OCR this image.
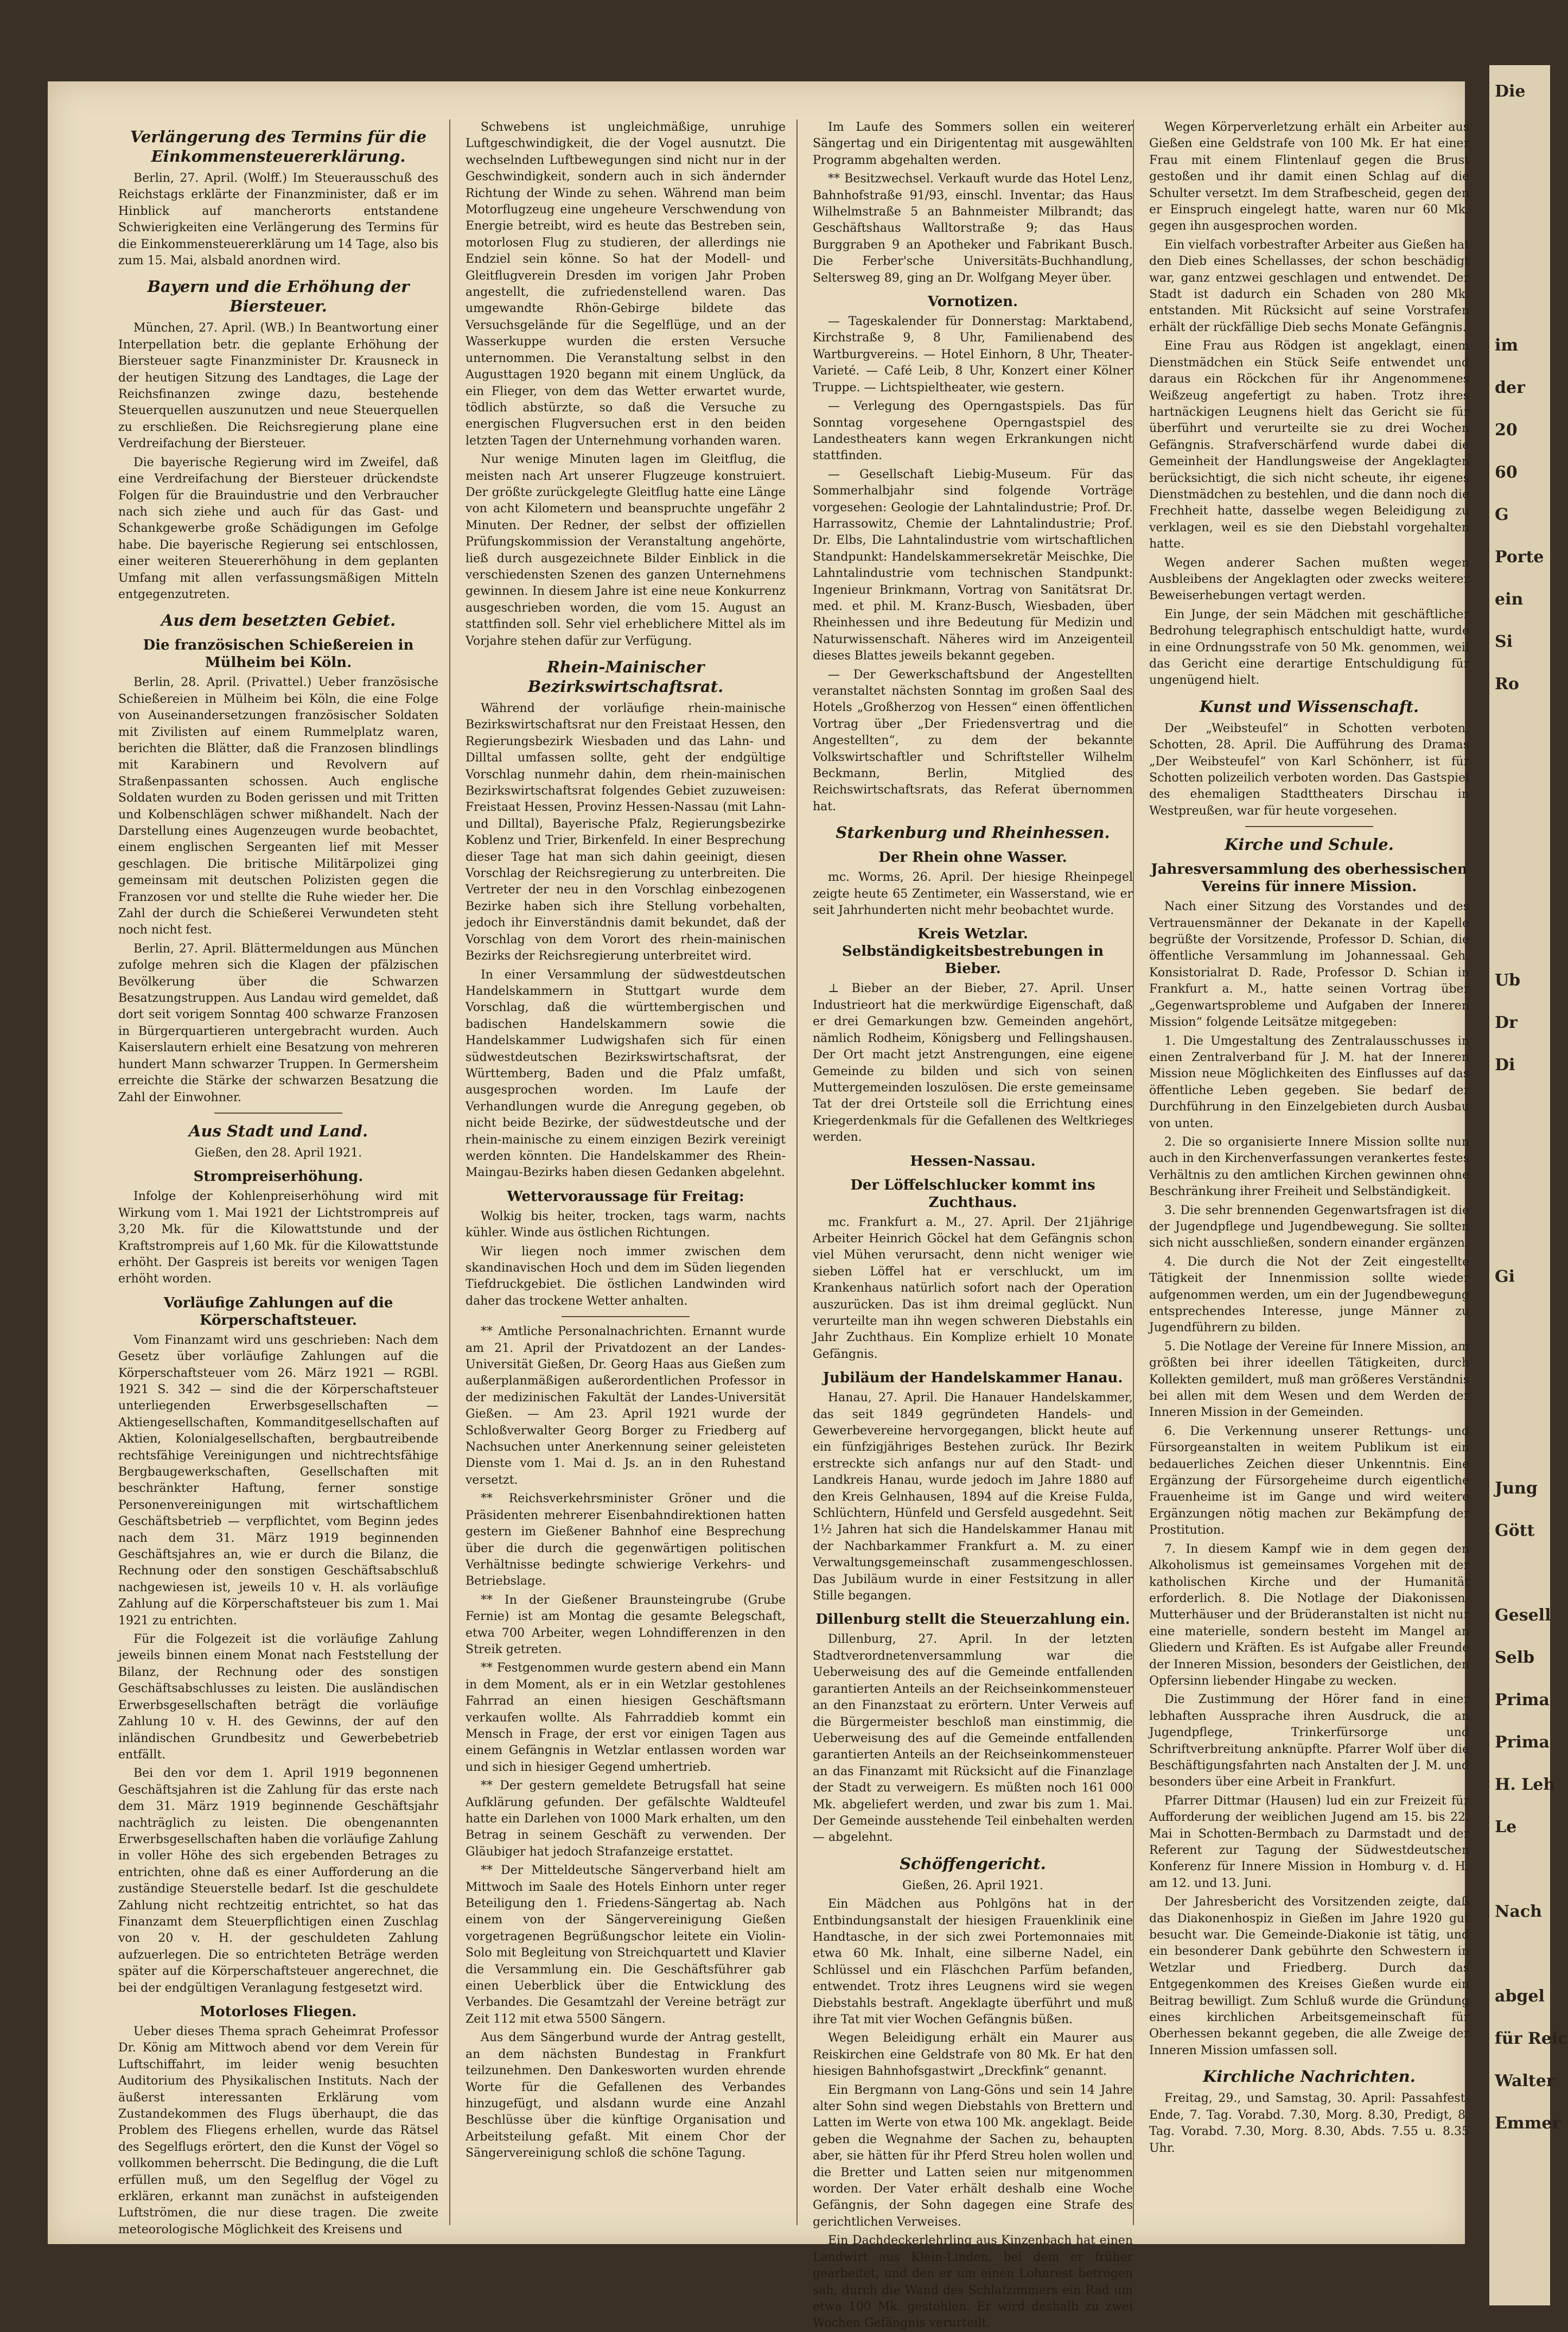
Verlängerung des Termins für die Einkommensteuererklärung.

Berlin, 27. April. (Wolff.) Im Steuerausschuß des Reichstags erklärte der Finanzminister, daß er im Hinblick auf mancherorts entstandene Schwierigkeiten eine Verlängerung des Termins für die Einkommensteuererklärung um 14 Tage, also bis zum 15. Mai, alsbald anordnen wird.

Bayern und die Erhöhung der Biersteuer.

München, 27. April. (WB.) In Beantwortung einer Interpellation betr. die geplante Erhöhung der Biersteuer sagte Finanzminister Dr. Krausneck in der heutigen Sitzung des Landtages, die Lage der Reichsfinanzen zwinge dazu, bestehende Steuerquellen auszunutzen und neue Steuerquellen zu erschließen. Die Reichsregierung plane eine Verdreifachung der Biersteuer.

Die bayerische Regierung wird im Zweifel, daß eine Verdreifachung der Biersteuer drückendste Folgen für die Brauindustrie und den Verbraucher nach sich ziehe und auch für das Gast- und Schankgewerbe große Schädigungen im Gefolge habe. Die bayerische Regierung sei entschlossen, einer weiteren Steuererhöhung in dem geplanten Umfang mit allen verfassungsmäßigen Mitteln entgegenzutreten.

Aus dem besetzten Gebiet.
Die französischen Schießereien in Mülheim bei Köln.

Berlin, 28. April. (Privattel.) Ueber französische Schießereien in Mülheim bei Köln, die eine Folge von Auseinandersetzungen französischer Soldaten mit Zivilisten auf einem Rummelplatz waren, berichten die Blätter, daß die Franzosen blindlings mit Karabinern und Revolvern auf Straßenpassanten schossen. Auch englische Soldaten wurden zu Boden gerissen und mit Tritten und Kolbenschlägen schwer mißhandelt. Nach der Darstellung eines Augenzeugen wurde beobachtet, einem englischen Sergeanten lief mit Messer geschlagen. Die britische Militärpolizei ging gemeinsam mit deutschen Polizisten gegen die Franzosen vor und stellte die Ruhe wieder her. Die Zahl der durch die Schießerei Verwundeten steht noch nicht fest.

Berlin, 27. April. Blättermeldungen aus München zufolge mehren sich die Klagen der pfälzischen Bevölkerung über die Schwarzen Besatzungstruppen. Aus Landau wird gemeldet, daß dort seit vorigem Sonntag 400 schwarze Franzosen in Bürgerquartieren untergebracht wurden. Auch Kaiserslautern erhielt eine Besatzung von mehreren hundert Mann schwarzer Truppen. In Germersheim erreichte die Stärke der schwarzen Besatzung die Zahl der Einwohner.

Aus Stadt und Land.

Gießen, den 28. April 1921.

Strompreiserhöhung.

Infolge der Kohlenpreiserhöhung wird mit Wirkung vom 1. Mai 1921 der Lichtstrompreis auf 3,20 Mk. für die Kilowattstunde und der Kraftstrompreis auf 1,60 Mk. für die Kilowattstunde erhöht. Der Gaspreis ist bereits vor wenigen Tagen erhöht worden.

Vorläufige Zahlungen auf die Körperschaftsteuer.

Vom Finanzamt wird uns geschrieben: Nach dem Gesetz über vorläufige Zahlungen auf die Körperschaftsteuer vom 26. März 1921 — RGBl. 1921 S. 342 — sind die der Körperschaftsteuer unterliegenden Erwerbsgesellschaften — Aktiengesellschaften, Kommanditgesellschaften auf Aktien, Kolonialgesellschaften, bergbautreibende rechtsfähige Vereinigungen und nichtrechtsfähige Bergbaugewerkschaften, Gesellschaften mit beschränkter Haftung, ferner sonstige Personenvereinigungen mit wirtschaftlichem Geschäftsbetrieb — verpflichtet, vom Beginn jedes nach dem 31. März 1919 beginnenden Geschäftsjahres an, wie er durch die Bilanz, die Rechnung oder den sonstigen Geschäftsabschluß nachgewiesen ist, jeweils 10 v. H. als vorläufige Zahlung auf die Körperschaftsteuer bis zum 1. Mai 1921 zu entrichten.

Für die Folgezeit ist die vorläufige Zahlung jeweils binnen einem Monat nach Feststellung der Bilanz, der Rechnung oder des sonstigen Geschäftsabschlusses zu leisten. Die ausländischen Erwerbsgesellschaften beträgt die vorläufige Zahlung 10 v. H. des Gewinns, der auf den inländischen Grundbesitz und Gewerbebetrieb entfällt.

Bei den vor dem 1. April 1919 begonnenen Geschäftsjahren ist die Zahlung für das erste nach dem 31. März 1919 beginnende Geschäftsjahr nachträglich zu leisten. Die obengenannten Erwerbsgesellschaften haben die vorläufige Zahlung in voller Höhe des sich ergebenden Betrages zu entrichten, ohne daß es einer Aufforderung an die zuständige Steuerstelle bedarf. Ist die geschuldete Zahlung nicht rechtzeitig entrichtet, so hat das Finanzamt dem Steuerpflichtigen einen Zuschlag von 20 v. H. der geschuldeten Zahlung aufzuerlegen. Die so entrichteten Beträge werden später auf die Körperschaftsteuer angerechnet, die bei der endgültigen Veranlagung festgesetzt wird.

Motorloses Fliegen.

Ueber dieses Thema sprach Geheimrat Professor Dr. König am Mittwoch abend vor dem Verein für Luftschiffahrt, im leider wenig besuchten Auditorium des Physikalischen Instituts. Nach der äußerst interessanten Erklärung vom Zustandekommen des Flugs überhaupt, die das Problem des Fliegens erhellen, wurde das Rätsel des Segelflugs erörtert, den die Kunst der Vögel so vollkommen beherrscht. Die Bedingung, die die Luft erfüllen muß, um den Segelflug der Vögel zu erklären, erkannt man zunächst in aufsteigenden Luftströmen, die nur diese tragen. Die zweite meteorologische Möglichkeit des Kreisens und

Schwebens ist ungleichmäßige, unruhige Luftgeschwindigkeit, die der Vogel ausnutzt. Die wechselnden Luftbewegungen sind nicht nur in der Geschwindigkeit, sondern auch in sich ändernder Richtung der Winde zu sehen. Während man beim Motorflugzeug eine ungeheure Verschwendung von Energie betreibt, wird es heute das Bestreben sein, motorlosen Flug zu studieren, der allerdings nie Endziel sein könne. So hat der Modell- und Gleitflugverein Dresden im vorigen Jahr Proben angestellt, die zufriedenstellend waren. Das umgewandte Rhön-Gebirge bildete das Versuchsgelände für die Segelflüge, und an der Wasserkuppe wurden die ersten Versuche unternommen. Die Veranstaltung selbst in den Augusttagen 1920 begann mit einem Unglück, da ein Flieger, von dem das Wetter erwartet wurde, tödlich abstürzte, so daß die Versuche zu energischen Flugversuchen erst in den beiden letzten Tagen der Unternehmung vorhanden waren.

Nur wenige Minuten lagen im Gleitflug, die meisten nach Art unserer Flugzeuge konstruiert. Der größte zurückgelegte Gleitflug hatte eine Länge von acht Kilometern und beanspruchte ungefähr 2 Minuten. Der Redner, der selbst der offiziellen Prüfungskommission der Veranstaltung angehörte, ließ durch ausgezeichnete Bilder Einblick in die verschiedensten Szenen des ganzen Unternehmens gewinnen. In diesem Jahre ist eine neue Konkurrenz ausgeschrieben worden, die vom 15. August an stattfinden soll. Sehr viel erheblichere Mittel als im Vorjahre stehen dafür zur Verfügung.

Rhein-Mainischer Bezirkswirtschaftsrat.

Während der vorläufige rhein-mainische Bezirkswirtschaftsrat nur den Freistaat Hessen, den Regierungsbezirk Wiesbaden und das Lahn- und Dilltal umfassen sollte, geht der endgültige Vorschlag nunmehr dahin, dem rhein-mainischen Bezirkswirtschaftsrat folgendes Gebiet zuzuweisen: Freistaat Hessen, Provinz Hessen-Nassau (mit Lahn- und Dilltal), Bayerische Pfalz, Regierungsbezirke Koblenz und Trier, Birkenfeld. In einer Besprechung dieser Tage hat man sich dahin geeinigt, diesen Vorschlag der Reichsregierung zu unterbreiten. Die Vertreter der neu in den Vorschlag einbezogenen Bezirke haben sich ihre Stellung vorbehalten, jedoch ihr Einverständnis damit bekundet, daß der Vorschlag von dem Vorort des rhein-mainischen Bezirks der Reichsregierung unterbreitet wird.

In einer Versammlung der südwestdeutschen Handelskammern in Stuttgart wurde dem Vorschlag, daß die württembergischen und badischen Handelskammern sowie die Handelskammer Ludwigshafen sich für einen südwestdeutschen Bezirkswirtschaftsrat, der Württemberg, Baden und die Pfalz umfaßt, ausgesprochen worden. Im Laufe der Verhandlungen wurde die Anregung gegeben, ob nicht beide Bezirke, der südwestdeutsche und der rhein-mainische zu einem einzigen Bezirk vereinigt werden könnten. Die Handelskammer des Rhein-Maingau-Bezirks haben diesen Gedanken abgelehnt.

Wettervoraussage für Freitag:

Wolkig bis heiter, trocken, tags warm, nachts kühler. Winde aus östlichen Richtungen.

Wir liegen noch immer zwischen dem skandinavischen Hoch und dem im Süden liegenden Tiefdruckgebiet. Die östlichen Landwinden wird daher das trockene Wetter anhalten.

** Amtliche Personalnachrichten. Ernannt wurde am 21. April der Privatdozent an der Landes-Universität Gießen, Dr. Georg Haas aus Gießen zum außerplanmäßigen außerordentlichen Professor in der medizinischen Fakultät der Landes-Universität Gießen. — Am 23. April 1921 wurde der Schloßverwalter Georg Borger zu Friedberg auf Nachsuchen unter Anerkennung seiner geleisteten Dienste vom 1. Mai d. Js. an in den Ruhestand versetzt.

** Reichsverkehrsminister Gröner und die Präsidenten mehrerer Eisenbahndirektionen hatten gestern im Gießener Bahnhof eine Besprechung über die durch die gegenwärtigen politischen Verhältnisse bedingte schwierige Verkehrs- und Betriebslage.

** In der Gießener Braunsteingrube (Grube Fernie) ist am Montag die gesamte Belegschaft, etwa 700 Arbeiter, wegen Lohndifferenzen in den Streik getreten.

** Festgenommen wurde gestern abend ein Mann in dem Moment, als er in ein Wetzlar gestohlenes Fahrrad an einen hiesigen Geschäftsmann verkaufen wollte. Als Fahrraddieb kommt ein Mensch in Frage, der erst vor einigen Tagen aus einem Gefängnis in Wetzlar entlassen worden war und sich in hiesiger Gegend umhertrieb.

** Der gestern gemeldete Betrugsfall hat seine Aufklärung gefunden. Der gefälschte Waldteufel hatte ein Darlehen von 1000 Mark erhalten, um den Betrag in seinem Geschäft zu verwenden. Der Gläubiger hat jedoch Strafanzeige erstattet.

** Der Mitteldeutsche Sängerverband hielt am Mittwoch im Saale des Hotels Einhorn unter reger Beteiligung den 1. Friedens-Sängertag ab. Nach einem von der Sängervereinigung Gießen vorgetragenen Begrüßungschor leitete ein Violin-Solo mit Begleitung von Streichquartett und Klavier die Versammlung ein. Die Geschäftsführer gab einen Ueberblick über die Entwicklung des Verbandes. Die Gesamtzahl der Vereine beträgt zur Zeit 112 mit etwa 5500 Sängern.

Aus dem Sängerbund wurde der Antrag gestellt, an dem nächsten Bundestag in Frankfurt teilzunehmen. Den Dankesworten wurden ehrende Worte für die Gefallenen des Verbandes hinzugefügt, und alsdann wurde eine Anzahl Beschlüsse über die künftige Organisation und Arbeitsteilung gefaßt. Mit einem Chor der Sängervereinigung schloß die schöne Tagung.

Im Laufe des Sommers sollen ein weiterer Sängertag und ein Dirigententag mit ausgewählten Programm abgehalten werden.

** Besitzwechsel. Verkauft wurde das Hotel Lenz, Bahnhofstraße 91/93, einschl. Inventar; das Haus Wilhelmstraße 5 an Bahnmeister Milbrandt; das Geschäftshaus Walltorstraße 9; das Haus Burggraben 9 an Apotheker und Fabrikant Busch. Die Ferber'sche Universitäts-Buchhandlung, Seltersweg 89, ging an Dr. Wolfgang Meyer über.

Vornotizen.

— Tageskalender für Donnerstag: Marktabend, Kirchstraße 9, 8 Uhr, Familienabend des Wartburgvereins. — Hotel Einhorn, 8 Uhr, Theater-Varieté. — Café Leib, 8 Uhr, Konzert einer Kölner Truppe. — Lichtspieltheater, wie gestern.

— Verlegung des Operngastspiels. Das für Sonntag vorgesehene Operngastspiel des Landestheaters kann wegen Erkrankungen nicht stattfinden.

— Gesellschaft Liebig-Museum. Für das Sommerhalbjahr sind folgende Vorträge vorgesehen: Geologie der Lahntalindustrie; Prof. Dr. Harrassowitz, Chemie der Lahntalindustrie; Prof. Dr. Elbs, Die Lahntalindustrie vom wirtschaftlichen Standpunkt: Handelskammersekretär Meischke, Die Lahntalindustrie vom technischen Standpunkt: Ingenieur Brinkmann, Vortrag von Sanitätsrat Dr. med. et phil. M. Kranz-Busch, Wiesbaden, über Rheinhessen und ihre Bedeutung für Medizin und Naturwissenschaft. Näheres wird im Anzeigenteil dieses Blattes jeweils bekannt gegeben.

— Der Gewerkschaftsbund der Angestellten veranstaltet nächsten Sonntag im großen Saal des Hotels „Großherzog von Hessen“ einen öffentlichen Vortrag über „Der Friedensvertrag und die Angestellten“, zu dem der bekannte Volkswirtschaftler und Schriftsteller Wilhelm Beckmann, Berlin, Mitglied des Reichswirtschaftsrats, das Referat übernommen hat.

Starkenburg und Rheinhessen.
Der Rhein ohne Wasser.

mc. Worms, 26. April. Der hiesige Rheinpegel zeigte heute 65 Zentimeter, ein Wasserstand, wie er seit Jahrhunderten nicht mehr beobachtet wurde.

Kreis Wetzlar. Selbständigkeitsbestrebungen in Bieber.

⊥ Bieber an der Bieber, 27. April. Unser Industrieort hat die merkwürdige Eigenschaft, daß er drei Gemarkungen bzw. Gemeinden angehört, nämlich Rodheim, Königsberg und Fellingshausen. Der Ort macht jetzt Anstrengungen, eine eigene Gemeinde zu bilden und sich von seinen Muttergemeinden loszulösen. Die erste gemeinsame Tat der drei Ortsteile soll die Errichtung eines Kriegerdenkmals für die Gefallenen des Weltkrieges werden.

Hessen-Nassau.
Der Löffelschlucker kommt ins Zuchthaus.

mc. Frankfurt a. M., 27. April. Der 21jährige Arbeiter Heinrich Göckel hat dem Gefängnis schon viel Mühen verursacht, denn nicht weniger wie sieben Löffel hat er verschluckt, um im Krankenhaus natürlich sofort nach der Operation auszurücken. Das ist ihm dreimal geglückt. Nun verurteilte man ihn wegen schweren Diebstahls ein Jahr Zuchthaus. Ein Komplize erhielt 10 Monate Gefängnis.

Jubiläum der Handelskammer Hanau.

Hanau, 27. April. Die Hanauer Handelskammer, das seit 1849 gegründeten Handels- und Gewerbevereine hervorgegangen, blickt heute auf ein fünfzigjähriges Bestehen zurück. Ihr Bezirk erstreckte sich anfangs nur auf den Stadt- und Landkreis Hanau, wurde jedoch im Jahre 1880 auf den Kreis Gelnhausen, 1894 auf die Kreise Fulda, Schlüchtern, Hünfeld und Gersfeld ausgedehnt. Seit 1½ Jahren hat sich die Handelskammer Hanau mit der Nachbarkammer Frankfurt a. M. zu einer Verwaltungsgemeinschaft zusammengeschlossen. Das Jubiläum wurde in einer Festsitzung in aller Stille begangen.

Dillenburg stellt die Steuerzahlung ein.

Dillenburg, 27. April. In der letzten Stadtverordnetenversammlung war die Ueberweisung des auf die Gemeinde entfallenden garantierten Anteils an der Reichseinkommensteuer an den Finanzstaat zu erörtern. Unter Verweis auf die Bürgermeister beschloß man einstimmig, die Ueberweisung des auf die Gemeinde entfallenden garantierten Anteils an der Reichseinkommensteuer an das Finanzamt mit Rücksicht auf die Finanzlage der Stadt zu verweigern. Es müßten noch 161 000 Mk. abgeliefert werden, und zwar bis zum 1. Mai. Der Gemeinde ausstehende Teil einbehalten werden — abgelehnt.

Schöffengericht.

Gießen, 26. April 1921.

Ein Mädchen aus Pohlgöns hat in der Entbindungsanstalt der hiesigen Frauenklinik eine Handtasche, in der sich zwei Portemonnaies mit etwa 60 Mk. Inhalt, eine silberne Nadel, ein Schlüssel und ein Fläschchen Parfüm befanden, entwendet. Trotz ihres Leugnens wird sie wegen Diebstahls bestraft. Angeklagte überführt und muß ihre Tat mit vier Wochen Gefängnis büßen.

Wegen Beleidigung erhält ein Maurer aus Reiskirchen eine Geldstrafe von 80 Mk. Er hat den hiesigen Bahnhofsgastwirt „Dreckfink“ genannt.

Ein Bergmann von Lang-Göns und sein 14 Jahre alter Sohn sind wegen Diebstahls von Brettern und Latten im Werte von etwa 100 Mk. angeklagt. Beide geben die Wegnahme der Sachen zu, behaupten aber, sie hätten für ihr Pferd Streu holen wollen und die Bretter und Latten seien nur mitgenommen worden. Der Vater erhält deshalb eine Woche Gefängnis, der Sohn dagegen eine Strafe des gerichtlichen Verweises.

Ein Dachdeckerlehrling aus Kinzenbach hat einen Landwirt aus Klein-Linden, bei dem er früher gearbeitet, und den er um einen Lohnrest betrogen sah, durch die Wand des Schlafzimmers ein Rad um etwa 100 Mk. gestohlen. Er wird deshalb zu zwei Wochen Gefängnis verurteilt.

Wegen Körperverletzung erhält ein Arbeiter aus Gießen eine Geldstrafe von 100 Mk. Er hat einer Frau mit einem Flintenlauf gegen die Brust gestoßen und ihr damit einen Schlag auf die Schulter versetzt. Im dem Strafbescheid, gegen den er Einspruch eingelegt hatte, waren nur 60 Mk. gegen ihn ausgesprochen worden.

Ein vielfach vorbestrafter Arbeiter aus Gießen hat den Dieb eines Schellasses, der schon beschädigt war, ganz entzwei geschlagen und entwendet. Der Stadt ist dadurch ein Schaden von 280 Mk. entstanden. Mit Rücksicht auf seine Vorstrafen erhält der rückfällige Dieb sechs Monate Gefängnis.

Eine Frau aus Rödgen ist angeklagt, einem Dienstmädchen ein Stück Seife entwendet und daraus ein Röckchen für ihr Angenommenes Weißzeug angefertigt zu haben. Trotz ihres hartnäckigen Leugnens hielt das Gericht sie für überführt und verurteilte sie zu drei Wochen Gefängnis. Strafverschärfend wurde dabei die Gemeinheit der Handlungsweise der Angeklagten berücksichtigt, die sich nicht scheute, ihr eigenes Dienstmädchen zu bestehlen, und die dann noch die Frechheit hatte, dasselbe wegen Beleidigung zu verklagen, weil es sie den Diebstahl vorgehalten hatte.

Wegen anderer Sachen mußten wegen Ausbleibens der Angeklagten oder zwecks weiterer Beweiserhebungen vertagt werden.

Ein Junge, der sein Mädchen mit geschäftlicher Bedrohung telegraphisch entschuldigt hatte, wurde in eine Ordnungsstrafe von 50 Mk. genommen, weil das Gericht eine derartige Entschuldigung für ungenügend hielt.

Kunst und Wissenschaft.

Der „Weibsteufel“ in Schotten verboten. Schotten, 28. April. Die Aufführung des Dramas „Der Weibsteufel“ von Karl Schönherr, ist für Schotten polizeilich verboten worden. Das Gastspiel des ehemaligen Stadttheaters Dirschau in Westpreußen, war für heute vorgesehen.

Kirche und Schule.
Jahresversammlung des oberhessischen Vereins für innere Mission.

Nach einer Sitzung des Vorstandes und des Vertrauensmänner der Dekanate in der Kapelle begrüßte der Vorsitzende, Professor D. Schian, die öffentliche Versammlung im Johannessaal. Geh. Konsistorialrat D. Rade, Professor D. Schian in Frankfurt a. M., hatte seinen Vortrag über „Gegenwartsprobleme und Aufgaben der Inneren Mission“ folgende Leitsätze mitgegeben:

1. Die Umgestaltung des Zentralausschusses in einen Zentralverband für J. M. hat der Inneren Mission neue Möglichkeiten des Einflusses auf das öffentliche Leben gegeben. Sie bedarf der Durchführung in den Einzelgebieten durch Ausbau von unten.

2. Die so organisierte Innere Mission sollte nun auch in den Kirchenverfassungen verankertes festes Verhältnis zu den amtlichen Kirchen gewinnen ohne Beschränkung ihrer Freiheit und Selbständigkeit.

3. Die sehr brennenden Gegenwartsfragen ist die der Jugendpflege und Jugendbewegung. Sie sollten sich nicht ausschließen, sondern einander ergänzen.

4. Die durch die Not der Zeit eingestellte Tätigkeit der Innenmission sollte wieder aufgenommen werden, um ein der Jugendbewegung entsprechendes Interesse, junge Männer zu Jugendführern zu bilden.

5. Die Notlage der Vereine für Innere Mission, am größten bei ihrer ideellen Tätigkeiten, durch Kollekten gemildert, muß man größeres Verständnis bei allen mit dem Wesen und dem Werden der Inneren Mission in der Gemeinden.

6. Die Verkennung unserer Rettungs- und Fürsorgeanstalten in weitem Publikum ist ein bedauerliches Zeichen dieser Unkenntnis. Eine Ergänzung der Fürsorgeheime durch eigentliche Frauenheime ist im Gange und wird weitere Ergänzungen nötig machen zur Bekämpfung der Prostitution.

7. In diesem Kampf wie in dem gegen den Alkoholismus ist gemeinsames Vorgehen mit der katholischen Kirche und der Humanität erforderlich. 8. Die Notlage der Diakonissen-Mutterhäuser und der Brüderanstalten ist nicht nur eine materielle, sondern besteht im Mangel an Gliedern und Kräften. Es ist Aufgabe aller Freunde der Inneren Mission, besonders der Geistlichen, den Opfersinn liebender Hingabe zu wecken.

Die Zustimmung der Hörer fand in einer lebhaften Aussprache ihren Ausdruck, die an Jugendpflege, Trinkerfürsorge und Schriftverbreitung anknüpfte. Pfarrer Wolf über die Beschäftigungsfahrten nach Anstalten der J. M. und besonders über eine Arbeit in Frankfurt.

Pfarrer Dittmar (Hausen) lud ein zur Freizeit für Aufforderung der weiblichen Jugend am 15. bis 22. Mai in Schotten-Bermbach zu Darmstadt und der Referent zur Tagung der Südwestdeutschen Konferenz für Innere Mission in Homburg v. d. H. am 12. und 13. Juni.

Der Jahresbericht des Vorsitzenden zeigte, daß das Diakonenhospiz in Gießen im Jahre 1920 gut besucht war. Die Gemeinde-Diakonie ist tätig, und ein besonderer Dank gebührte den Schwestern in Wetzlar und Friedberg. Durch das Entgegenkommen des Kreises Gießen wurde ein Beitrag bewilligt. Zum Schluß wurde die Gründung eines kirchlichen Arbeitsgemeinschaft für Oberhessen bekannt gegeben, die alle Zweige der Inneren Mission umfassen soll.

Kirchliche Nachrichten.

Freitag, 29., und Samstag, 30. April: Passahfest-Ende, 7. Tag. Vorabd. 7.30, Morg. 8.30, Predigt, 8. Tag. Vorabd. 7.30, Morg. 8.30, Abds. 7.55 u. 8.35 Uhr.

Die

im
der
20
60
G
Porte
ein
Si
Ro

Ub
Dr
Di

Gi

Jung
Gött

Gesell
Selb
Prima
Prima
H. Leh
Le

Nach

abgel
für Reic
Walter
Emmer
